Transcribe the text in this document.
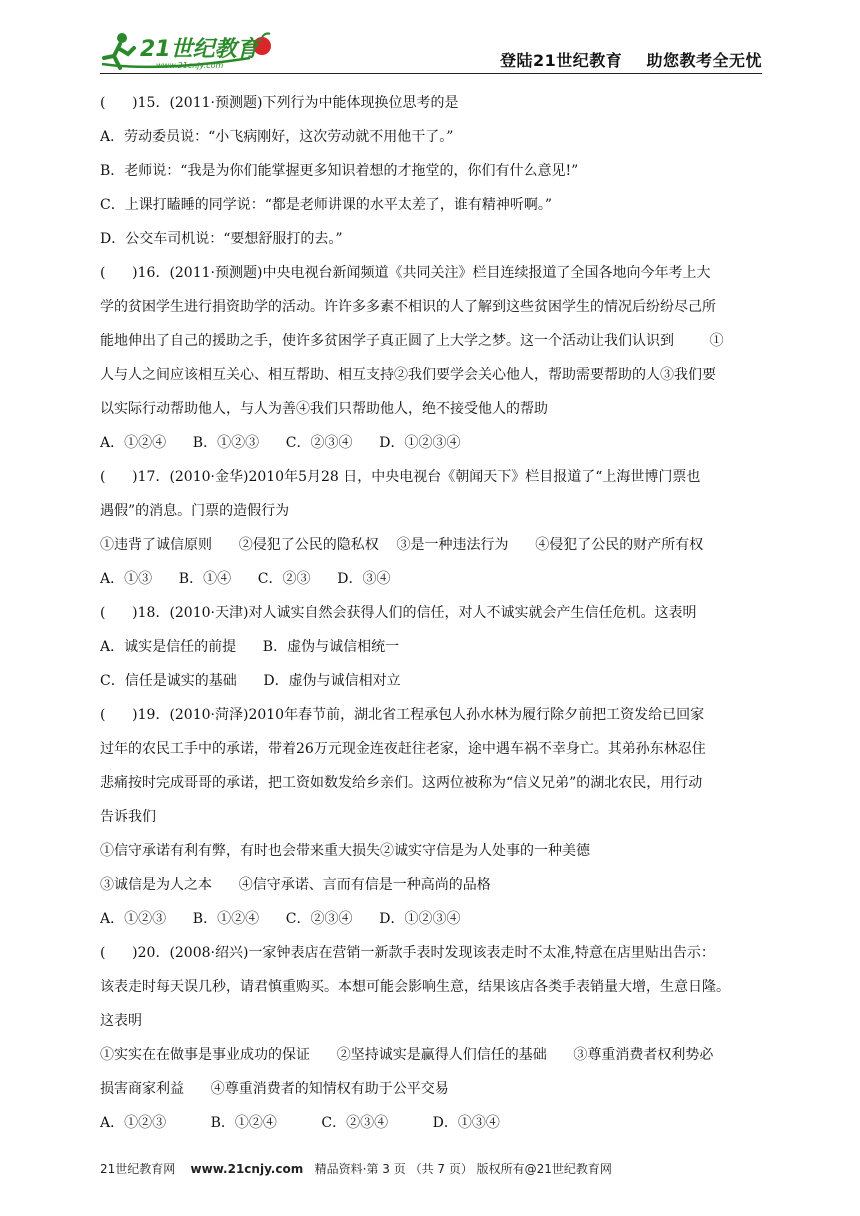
21世纪教育
www.21cnjy.com	登陆21世纪教育    助您教考全无忧
(      )15．(2011·预测题)下列行为中能体现换位思考的是
A．劳动委员说：“小飞病刚好，这次劳动就不用他干了。”
B．老师说：“我是为你们能掌握更多知识着想的才拖堂的，你们有什么意见!”
C．上课打瞌睡的同学说：“都是老师讲课的水平太差了，谁有精神听啊。”
D．公交车司机说：“要想舒服打的去。”
(      )16．(2011·预测题)中央电视台新闻频道《共同关注》栏目连续报道了全国各地向今年考上大
学的贫困学生进行捐资助学的活动。许许多多素不相识的人了解到这些贫困学生的情况后纷纷尽己所
能地伸出了自己的援助之手，使许多贫困学子真正圆了上大学之梦。这一个活动让我们认识到        ①
人与人之间应该相互关心、相互帮助、相互支持②我们要学会关心他人，帮助需要帮助的人③我们要
以实际行动帮助他人，与人为善④我们只帮助他人，绝不接受他人的帮助
A．①②④      B．①②③      C．②③④      D．①②③④
(      )17．(2010·金华)2010年5月28 日，中央电视台《朝闻天下》栏目报道了“上海世博门票也
遇假”的消息。门票的造假行为
①违背了诚信原则      ②侵犯了公民的隐私权    ③是一种违法行为      ④侵犯了公民的财产所有权
A．①③      B．①④      C．②③      D．③④
(      )18．(2010·天津)对人诚实自然会获得人们的信任，对人不诚实就会产生信任危机。这表明
A．诚实是信任的前提      B．虚伪与诚信相统一
C．信任是诚实的基础      D．虚伪与诚信相对立
(      )19．(2010·菏泽)2010年春节前，湖北省工程承包人孙水林为履行除夕前把工资发给已回家
过年的农民工手中的承诺，带着26万元现金连夜赶往老家，途中遇车祸不幸身亡。其弟孙东林忍住
悲痛按时完成哥哥的承诺，把工资如数发给乡亲们。这两位被称为“信义兄弟”的湖北农民，用行动
告诉我们
①信守承诺有利有弊，有时也会带来重大损失②诚实守信是为人处事的一种美德
③诚信是为人之本      ④信守承诺、言而有信是一种高尚的品格
A．①②③      B．①②④      C．②③④      D．①②③④
(      )20．(2008·绍兴)一家钟表店在营销一新款手表时发现该表走时不太准,特意在店里贴出告示：
该表走时每天误几秒，请君慎重购买。本想可能会影响生意，结果该店各类手表销量大增，生意日隆。
这表明
①实实在在做事是事业成功的保证      ②坚持诚实是赢得人们信任的基础      ③尊重消费者权利势必
损害商家利益      ④尊重消费者的知情权有助于公平交易
A．①②③          B．①②④          C．②③④          D．①③④
21世纪教育网 www.21cnjy.com 精品资料·第 3 页 （共 7 页） 版权所有@21世纪教育网
